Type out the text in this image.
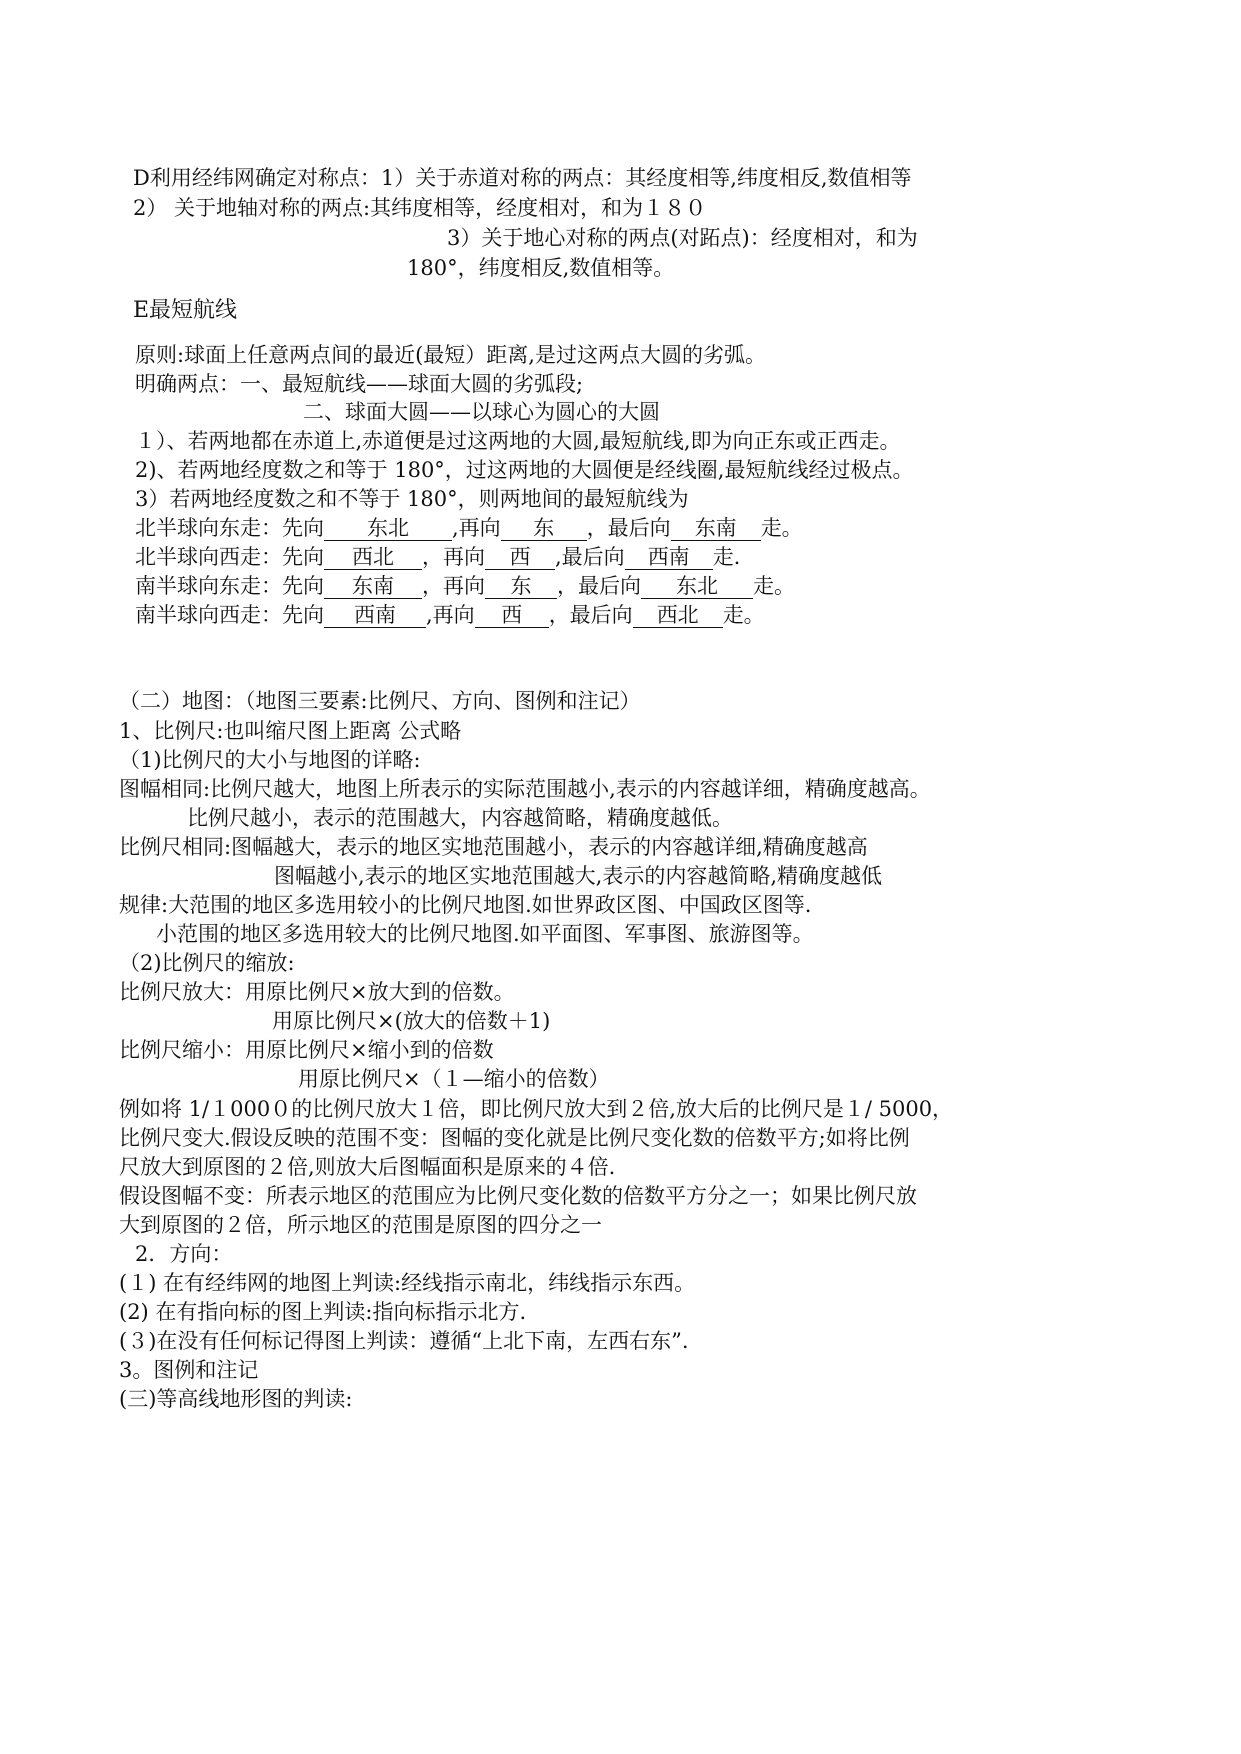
D利用经纬网确定对称点：1）关于赤道对称的两点：其经度相等,纬度相反,数值相等
2） 关于地轴对称的两点:其纬度相等，经度相对，和为１８０
3）关于地心对称的两点(对跖点)：经度相对，和为
180°，纬度相反,数值相等。
E最短航线
原则:球面上任意两点间的最近(最短）距离,是过这两点大圆的劣弧。
明确两点：一、最短航线——球面大圆的劣弧段;
二、球面大圆——以球心为圆心的大圆
１）、若两地都在赤道上,赤道便是过这两地的大圆,最短航线,即为向正东或正西走。
2)、若两地经度数之和等于 180°，过这两地的大圆便是经线圈,最短航线经过极点。
3）若两地经度数之和不等于 180°，则两地间的最短航线为
北半球向东走：先向 东北 ,再向 东 ，最后向 东南 走。
北半球向西走：先向 西北 ，再向 西 ,最后向 西南 走.
南半球向东走：先向 东南 ，再向 东 ，最后向 东北 走。
南半球向西走：先向 西南 ,再向 西 ，最后向 西北 走。
（二）地图：（地图三要素:比例尺、方向、图例和注记）
1、比例尺:也叫缩尺图上距离 公式略
（1)比例尺的大小与地图的详略:
图幅相同:比例尺越大，地图上所表示的实际范围越小,表示的内容越详细，精确度越高。
比例尺越小，表示的范围越大，内容越简略，精确度越低。
比例尺相同:图幅越大，表示的地区实地范围越小，表示的内容越详细,精确度越高
图幅越小,表示的地区实地范围越大,表示的内容越简略,精确度越低
规律:大范围的地区多选用较小的比例尺地图.如世界政区图、中国政区图等.
小范围的地区多选用较大的比例尺地图.如平面图、军事图、旅游图等。
（2)比例尺的缩放:
比例尺放大：用原比例尺×放大到的倍数。
用原比例尺×(放大的倍数＋1)
比例尺缩小：用原比例尺×缩小到的倍数
用原比例尺×（１—缩小的倍数）
例如将 1/１000０的比例尺放大１倍，即比例尺放大到２倍,放大后的比例尺是１/ 5000，
比例尺变大.假设反映的范围不变：图幅的变化就是比例尺变化数的倍数平方;如将比例
尺放大到原图的２倍,则放大后图幅面积是原来的４倍.
假设图幅不变：所表示地区的范围应为比例尺变化数的倍数平方分之一；如果比例尺放
大到原图的２倍，所示地区的范围是原图的四分之一
2．方向：
(１) 在有经纬网的地图上判读:经线指示南北，纬线指示东西。
(2) 在有指向标的图上判读:指向标指示北方.
(３)在没有任何标记得图上判读：遵循“上北下南，左西右东”.
3。图例和注记
(三)等高线地形图的判读:
